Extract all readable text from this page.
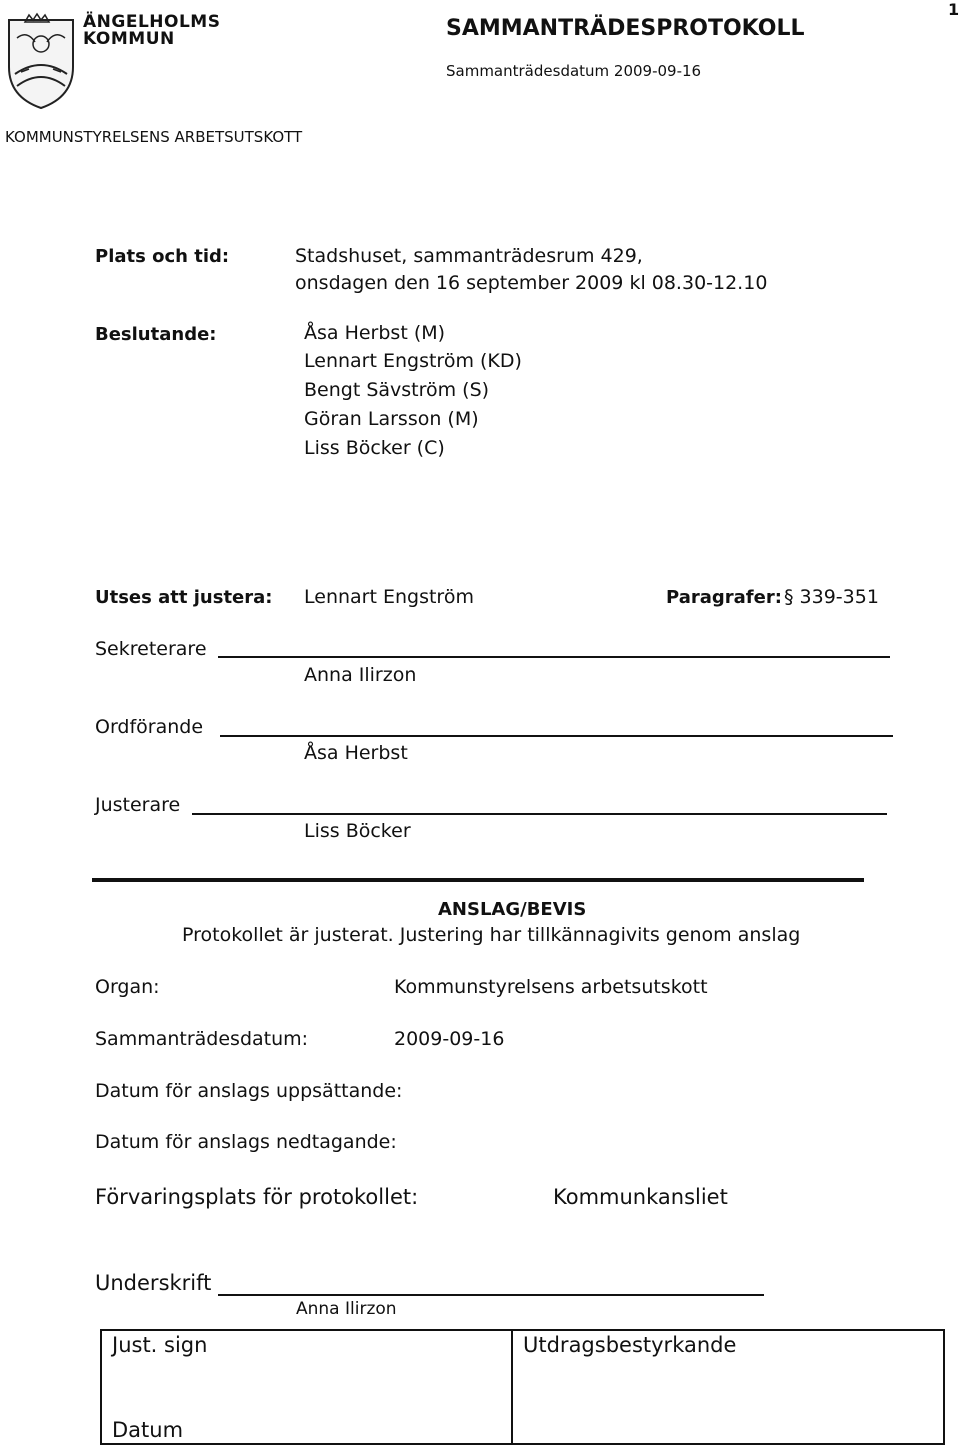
1
ÄNGELHOLMS
KOMMUN	SAMMANTRÄDESPROTOKOLL
Sammanträdesdatum 2009-09-16
KOMMUNSTYRELSENS ARBETSUTSKOTT
Plats och tid:	Stadshuset, sammanträdesrum 429,
onsdagen den 16 september 2009 kl 08.30-12.10
Beslutande:	Åsa Herbst (M)
Lennart Engström (KD)
Bengt Sävström (S)
Göran Larsson (M)
Liss Böcker (C)
Utses att justera: Lennart Engström	Paragrafer: § 339-351
Sekreterare
Anna Ilirzon
Ordförande
Åsa Herbst
Justerare
Liss Böcker
ANSLAG/BEVIS
Protokollet är justerat. Justering har tillkännagivits genom anslag
Organ:	Kommunstyrelsens arbetsutskott
Sammanträdesdatum:	2009-09-16
Datum för anslags uppsättande:
Datum för anslags nedtagande:
Förvaringsplats för protokollet:	Kommunkansliet
Underskrift
Anna Ilirzon
Just. sign
Datum
Utdragsbestyrkande
